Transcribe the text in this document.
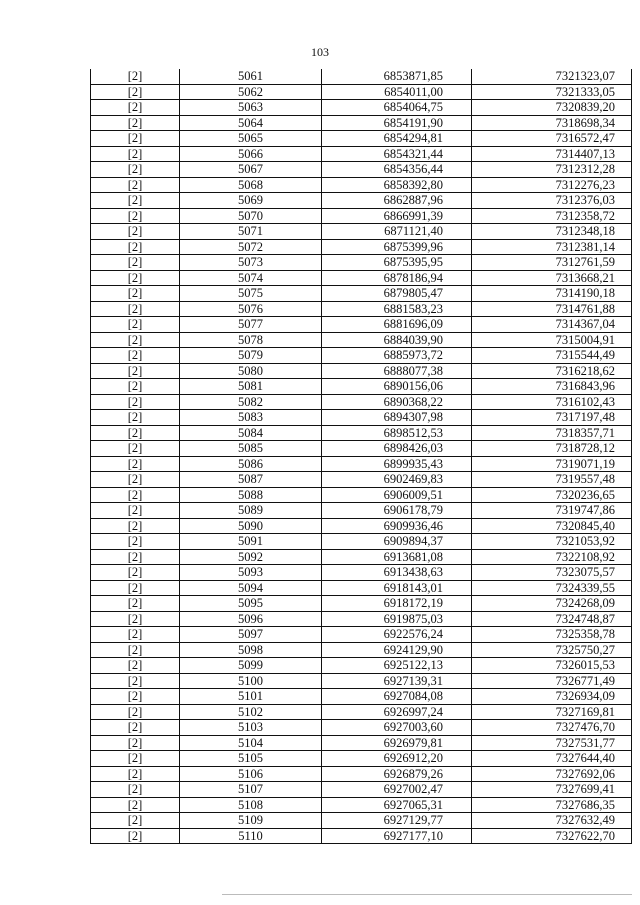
103
[2]	5061	6853871,85	7321323,07
[2]	5062	6854011,00	7321333,05
[2]	5063	6854064,75	7320839,20
[2]	5064	6854191,90	7318698,34
[2]	5065	6854294,81	7316572,47
[2]	5066	6854321,44	7314407,13
[2]	5067	6854356,44	7312312,28
[2]	5068	6858392,80	7312276,23
[2]	5069	6862887,96	7312376,03
[2]	5070	6866991,39	7312358,72
[2]	5071	6871121,40	7312348,18
[2]	5072	6875399,96	7312381,14
[2]	5073	6875395,95	7312761,59
[2]	5074	6878186,94	7313668,21
[2]	5075	6879805,47	7314190,18
[2]	5076	6881583,23	7314761,88
[2]	5077	6881696,09	7314367,04
[2]	5078	6884039,90	7315004,91
[2]	5079	6885973,72	7315544,49
[2]	5080	6888077,38	7316218,62
[2]	5081	6890156,06	7316843,96
[2]	5082	6890368,22	7316102,43
[2]	5083	6894307,98	7317197,48
[2]	5084	6898512,53	7318357,71
[2]	5085	6898426,03	7318728,12
[2]	5086	6899935,43	7319071,19
[2]	5087	6902469,83	7319557,48
[2]	5088	6906009,51	7320236,65
[2]	5089	6906178,79	7319747,86
[2]	5090	6909936,46	7320845,40
[2]	5091	6909894,37	7321053,92
[2]	5092	6913681,08	7322108,92
[2]	5093	6913438,63	7323075,57
[2]	5094	6918143,01	7324339,55
[2]	5095	6918172,19	7324268,09
[2]	5096	6919875,03	7324748,87
[2]	5097	6922576,24	7325358,78
[2]	5098	6924129,90	7325750,27
[2]	5099	6925122,13	7326015,53
[2]	5100	6927139,31	7326771,49
[2]	5101	6927084,08	7326934,09
[2]	5102	6926997,24	7327169,81
[2]	5103	6927003,60	7327476,70
[2]	5104	6926979,81	7327531,77
[2]	5105	6926912,20	7327644,40
[2]	5106	6926879,26	7327692,06
[2]	5107	6927002,47	7327699,41
[2]	5108	6927065,31	7327686,35
[2]	5109	6927129,77	7327632,49
[2]	5110	6927177,10	7327622,70
